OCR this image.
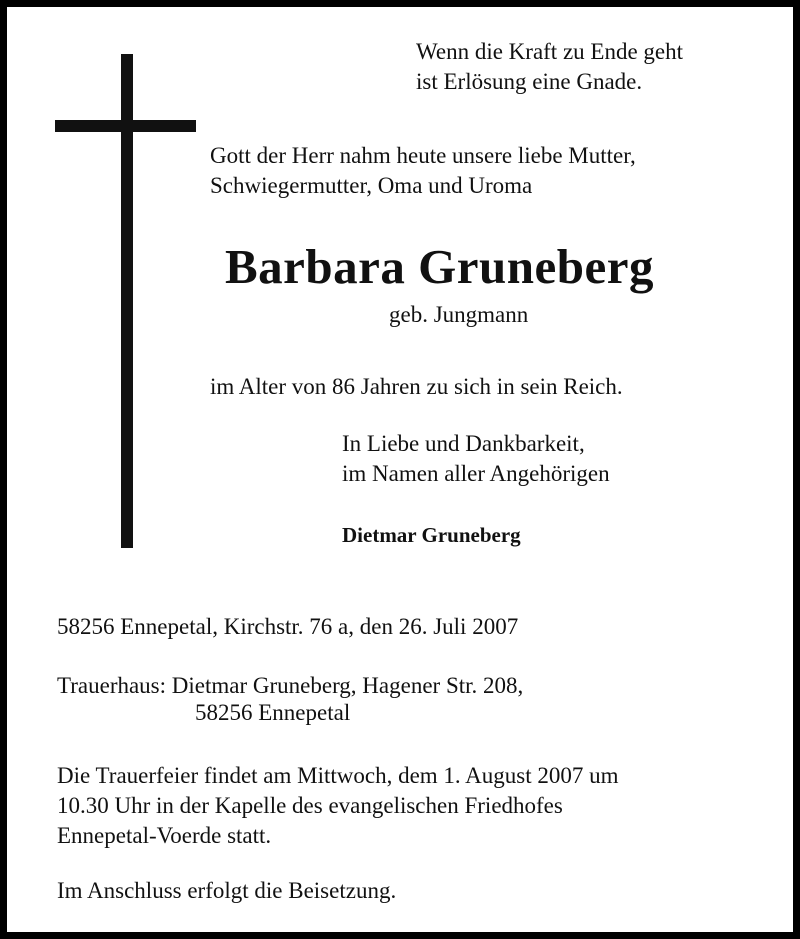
Wenn die Kraft zu Ende geht
ist Erlösung eine Gnade.
Gott der Herr nahm heute unsere liebe Mutter,
Schwiegermutter, Oma und Uroma
Barbara Gruneberg
geb. Jungmann
im Alter von 86 Jahren zu sich in sein Reich.
In Liebe und Dankbarkeit,
im Namen aller Angehörigen
Dietmar Gruneberg
58256 Ennepetal, Kirchstr. 76 a, den 26. Juli 2007
Trauerhaus: Dietmar Gruneberg, Hagener Str. 208,
58256 Ennepetal
Die Trauerfeier findet am Mittwoch, dem 1. August 2007 um
10.30 Uhr in der Kapelle des evangelischen Friedhofes
Ennepetal-Voerde statt.
Im Anschluss erfolgt die Beisetzung.
